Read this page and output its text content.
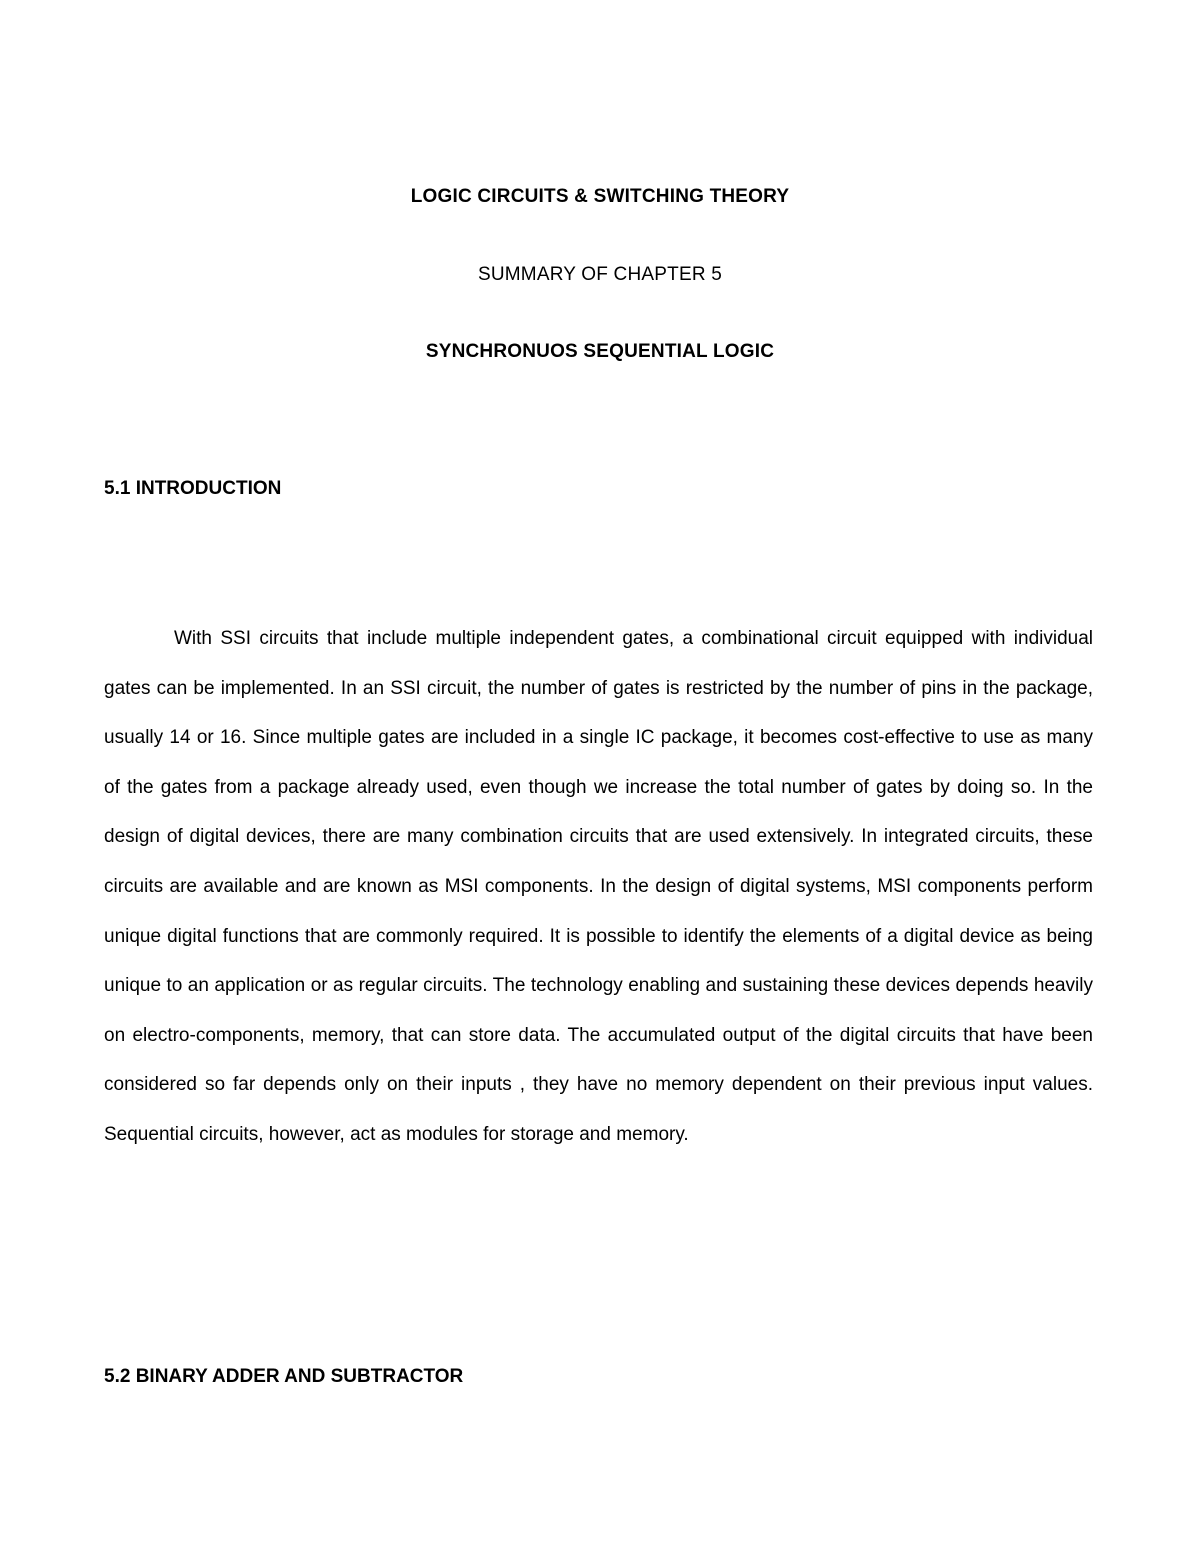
LOGIC CIRCUITS & SWITCHING THEORY
SUMMARY OF CHAPTER 5
SYNCHRONUOS SEQUENTIAL LOGIC
5.1 INTRODUCTION

With SSI circuits that include multiple independent gates, a combinational circuit equipped with individual gates can be implemented. In an SSI circuit, the number of gates is restricted by the number of pins in the package, usually 14 or 16. Since multiple gates are included in a single IC package, it becomes cost-effective to use as many of the gates from a package already used, even though we increase the total number of gates by doing so. In the design of digital devices, there are many combination circuits that are used extensively. In integrated circuits, these circuits are available and are known as MSI components. In the design of digital systems, MSI components perform unique digital functions that are commonly required. It is possible to identify the elements of a digital device as being unique to an application or as regular circuits. The technology enabling and sustaining these devices depends heavily on electro-components, memory, that can store data. The accumulated output of the digital circuits that have been considered so far depends only on their inputs , they have no memory dependent on their previous input values. Sequential circuits, however, act as modules for storage and memory.

5.2 BINARY ADDER AND SUBTRACTOR
